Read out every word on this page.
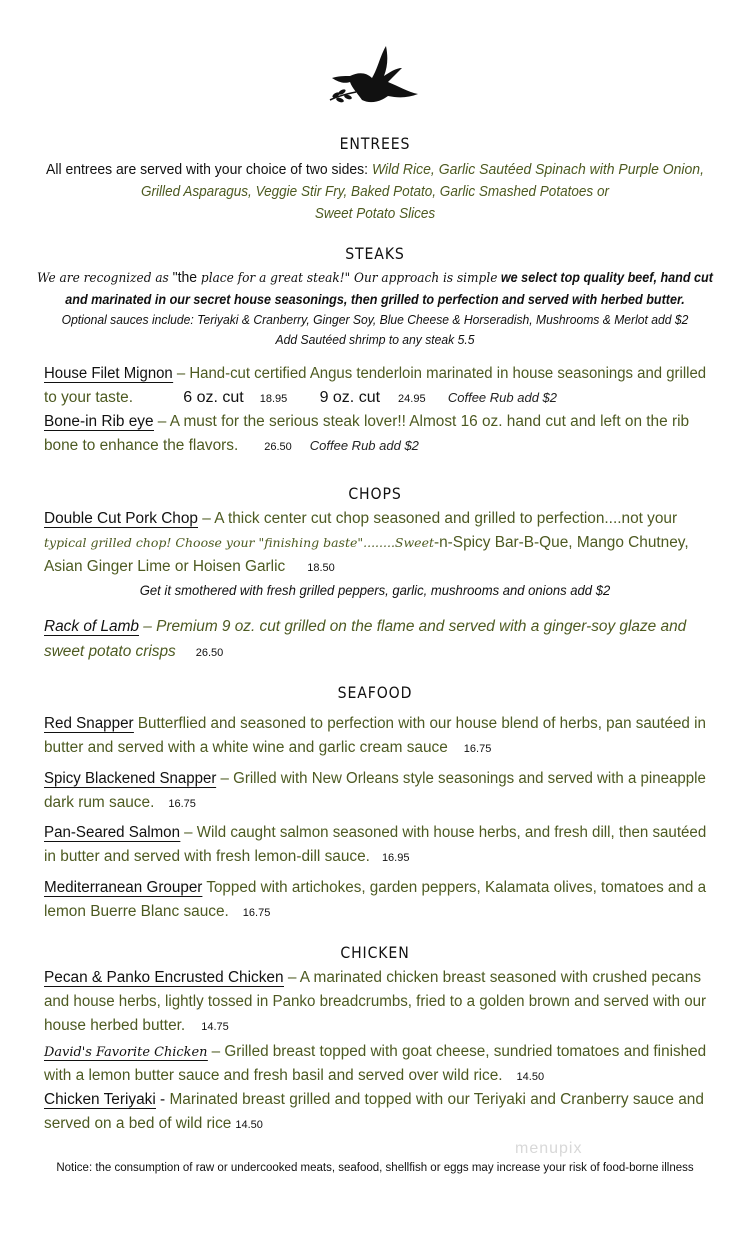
ENTREES
All entrees are served with your choice of two sides: Wild Rice, Garlic Sautéed Spinach with Purple Onion,
Grilled Asparagus, Veggie Stir Fry, Baked Potato, Garlic Smashed Potatoes or
Sweet Potato Slices
STEAKS
We are recognized as "the place for a great steak!" Our approach is simple we select top quality beef, hand cut
and marinated in our secret house seasonings, then grilled to perfection and served with herbed butter.
Optional sauces include: Teriyaki & Cranberry, Ginger Soy, Blue Cheese & Horseradish, Mushrooms & Merlot add $2
Add Sautéed shrimp to any steak 5.5
House Filet Mignon – Hand-cut certified Angus tenderloin marinated in house seasonings and grilled
to your taste.	6 oz. cut 18.95 9 oz. cut 24.95 Coffee Rub add $2
Bone-in Rib eye – A must for the serious steak lover!! Almost 16 oz. hand cut and left on the rib
bone to enhance the flavors. 26.50 Coffee Rub add $2
CHOPS
Double Cut Pork Chop – A thick center cut chop seasoned and grilled to perfection....not your
typical grilled chop! Choose your "finishing baste"........Sweet-n-Spicy Bar-B-Que, Mango Chutney,
Asian Ginger Lime or Hoisen Garlic 18.50
Get it smothered with fresh grilled peppers, garlic, mushrooms and onions add $2
Rack of Lamb – Premium 9 oz. cut grilled on the flame and served with a ginger-soy glaze and
sweet potato crisps 26.50
SEAFOOD
Red Snapper Butterflied and seasoned to perfection with our house blend of herbs, pan sautéed in
butter and served with a white wine and garlic cream sauce 16.75
Spicy Blackened Snapper – Grilled with New Orleans style seasonings and served with a pineapple
dark rum sauce. 16.75
Pan-Seared Salmon – Wild caught salmon seasoned with house herbs, and fresh dill, then sautéed
in butter and served with fresh lemon-dill sauce. 16.95
Mediterranean Grouper Topped with artichokes, garden peppers, Kalamata olives, tomatoes and a
lemon Buerre Blanc sauce. 16.75
CHICKEN
Pecan & Panko Encrusted Chicken – A marinated chicken breast seasoned with crushed pecans
and house herbs, lightly tossed in Panko breadcrumbs, fried to a golden brown and served with our
house herbed butter. 14.75
David's Favorite Chicken – Grilled breast topped with goat cheese, sundried tomatoes and finished
with a lemon butter sauce and fresh basil and served over wild rice. 14.50
Chicken Teriyaki - Marinated breast grilled and topped with our Teriyaki and Cranberry sauce and
served on a bed of wild rice 14.50
menupix
Notice: the consumption of raw or undercooked meats, seafood, shellfish or eggs may increase your risk of food-borne illness
